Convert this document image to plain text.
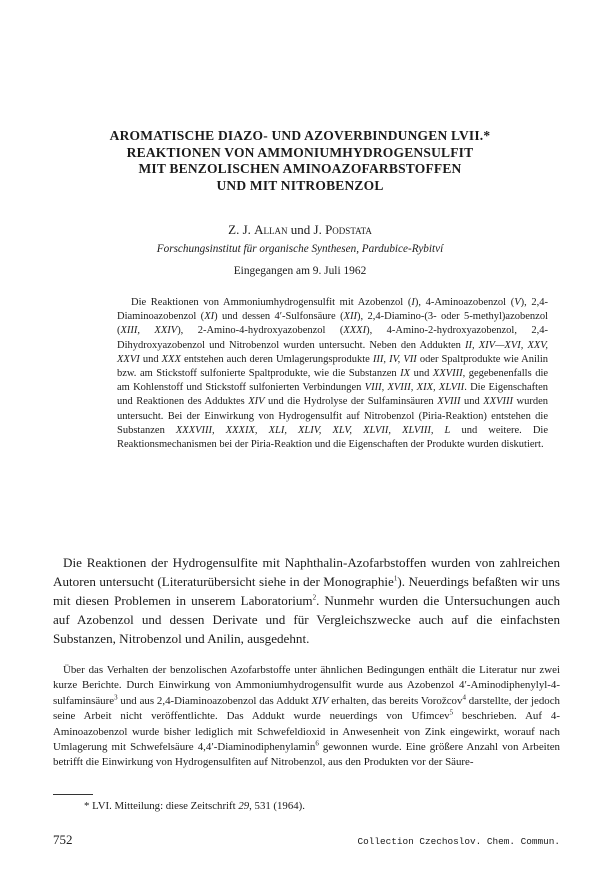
AROMATISCHE DIAZO- UND AZOVERBINDUNGEN LVII.*
REAKTIONEN VON AMMONIUMHYDROGENSULFIT
MIT BENZOLISCHEN AMINOAZOFARBSTOFFEN
UND MIT NITROBENZOL
Z. J. Allan und J. Podstata
Forschungsinstitut für organische Synthesen, Pardubice-Rybitví
Eingegangen am 9. Juli 1962

Die Reaktionen von Ammoniumhydrogensulfit mit Azobenzol (I), 4-Aminoazobenzol (V), 2,4-Diaminoazobenzol (XI) und dessen 4′-Sulfonsäure (XII), 2,4-Diamino-(3- oder 5-methyl)azobenzol (XIII, XXIV), 2-Amino-4-hydroxyazobenzol (XXXI), 4-Amino-2-hydroxyazobenzol, 2,4-Dihydroxyazobenzol und Nitrobenzol wurden untersucht. Neben den Addukten II, XIV—XVI, XXV, XXVI und XXX entstehen auch deren Umlagerungsprodukte III, IV, VII oder Spaltprodukte wie Anilin bzw. am Stickstoff sulfonierte Spaltprodukte, wie die Substanzen IX und XXVIII, gegebenenfalls die am Kohlenstoff und Stickstoff sulfonierten Verbindungen VIII, XVIII, XIX, XLVII. Die Eigenschaften und Reaktionen des Adduktes XIV und die Hydrolyse der Sulfaminsäuren XVIII und XXVIII wurden untersucht. Bei der Einwirkung von Hydrogensulfit auf Nitrobenzol (Piria-Reaktion) entstehen die Substanzen XXXVIII, XXXIX, XLI, XLIV, XLV, XLVII, XLVIII, L und weitere. Die Reaktionsmechanismen bei der Piria-Reaktion und die Eigenschaften der Produkte wurden diskutiert.

Die Reaktionen der Hydrogensulfite mit Naphthalin-Azofarbstoffen wurden von zahlreichen Autoren untersucht (Literaturübersicht siehe in der Monographie$^1$). Neuerdings befaßten wir uns mit diesen Problemen in unserem Laboratorium$^2$. Nunmehr wurden die Untersuchungen auch auf Azobenzol und dessen Derivate und für Vergleichszwecke auch auf die einfachsten Substanzen, Nitrobenzol und Anilin, ausgedehnt.

Über das Verhalten der benzolischen Azofarbstoffe unter ähnlichen Bedingungen enthält die Literatur nur zwei kurze Berichte. Durch Einwirkung von Ammoniumhydrogensulfit wurde aus Azobenzol 4′-Aminodiphenylyl-4-sulfaminsäure$^3$ und aus 2,4-Diaminoazobenzol das Addukt XIV erhalten, das bereits Vorožcov$^4$ darstellte, der jedoch seine Arbeit nicht veröffentlichte. Das Addukt wurde neuerdings von Ufimcev$^5$ beschrieben. Auf 4-Aminoazobenzol wurde bisher lediglich mit Schwefeldioxid in Anwesenheit von Zink eingewirkt, worauf nach Umlagerung mit Schwefelsäure 4,4′-Diaminodiphenylamin$^6$ gewonnen wurde. Eine größere Anzahl von Arbeiten betrifft die Einwirkung von Hydrogensulfiten auf Nitrobenzol, aus den Produkten vor der Säure-

* LVI. Mitteilung: diese Zeitschrift 29, 531 (1964).
752	Collection Czechoslov. Chem. Commun.
